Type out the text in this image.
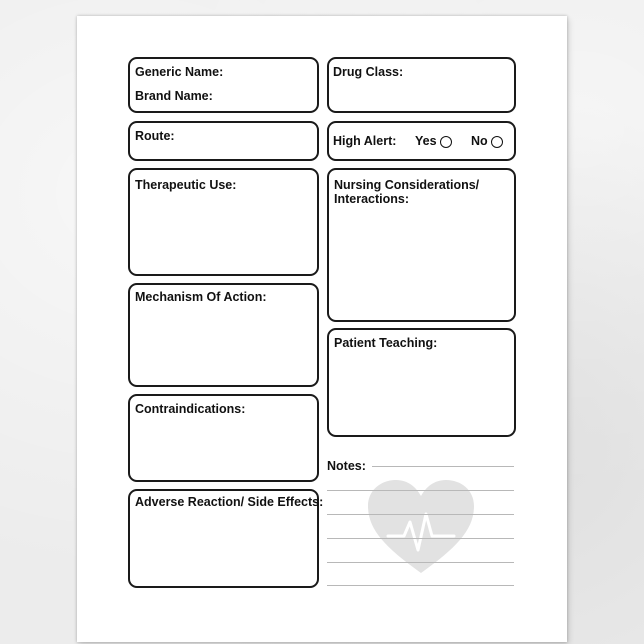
Generic Name:
Brand Name:
Drug Class:
Route:	High Alert: Yes	No
Therapeutic Use:	Nursing Considerations/
Interactions:
Mechanism Of Action:
Patient Teaching:
Contraindications:
Adverse Reaction/ Side Effects:
Notes:
